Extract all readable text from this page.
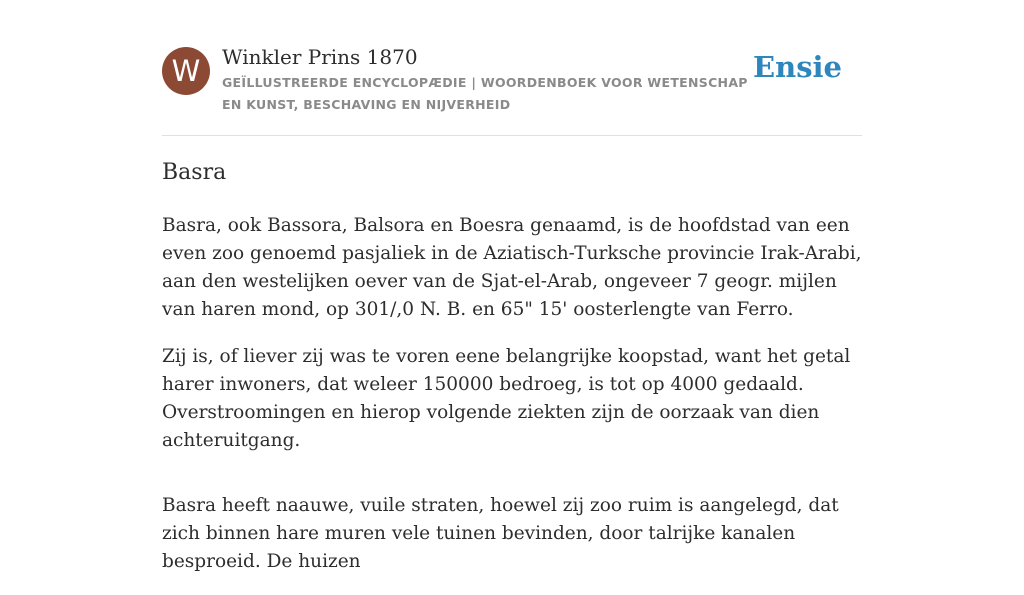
W	Winkler Prins 1870
GEÏLLUSTREERDE ENCYCLOPÆDIE | WOORDENBOEK VOOR WETENSCHAP EN KUNST, BESCHAVING EN NIJVERHEID
Ensie
Basra

Basra, ook Bassora, Balsora en Boesra genaamd, is de hoofdstad van een even zoo genoemd pasjaliek in de Aziatisch-Turksche provincie Irak-Arabi, aan den westelijken oever van de Sjat-el-Arab, ongeveer 7 geogr. mijlen van haren mond, op 301/,0 N. B. en 65" 15' oosterlengte van Ferro.

Zij is, of liever zij was te voren eene belangrijke koopstad, want het getal harer inwoners, dat weleer 150000 bedroeg, is tot op 4000 gedaald. Overstroomingen en hierop volgende ziekten zijn de oorzaak van dien achteruitgang.

Basra heeft naauwe, vuile straten, hoewel zij zoo ruim is aangelegd, dat zich binnen hare muren vele tuinen bevinden, door talrijke kanalen besproeid. De huizen
